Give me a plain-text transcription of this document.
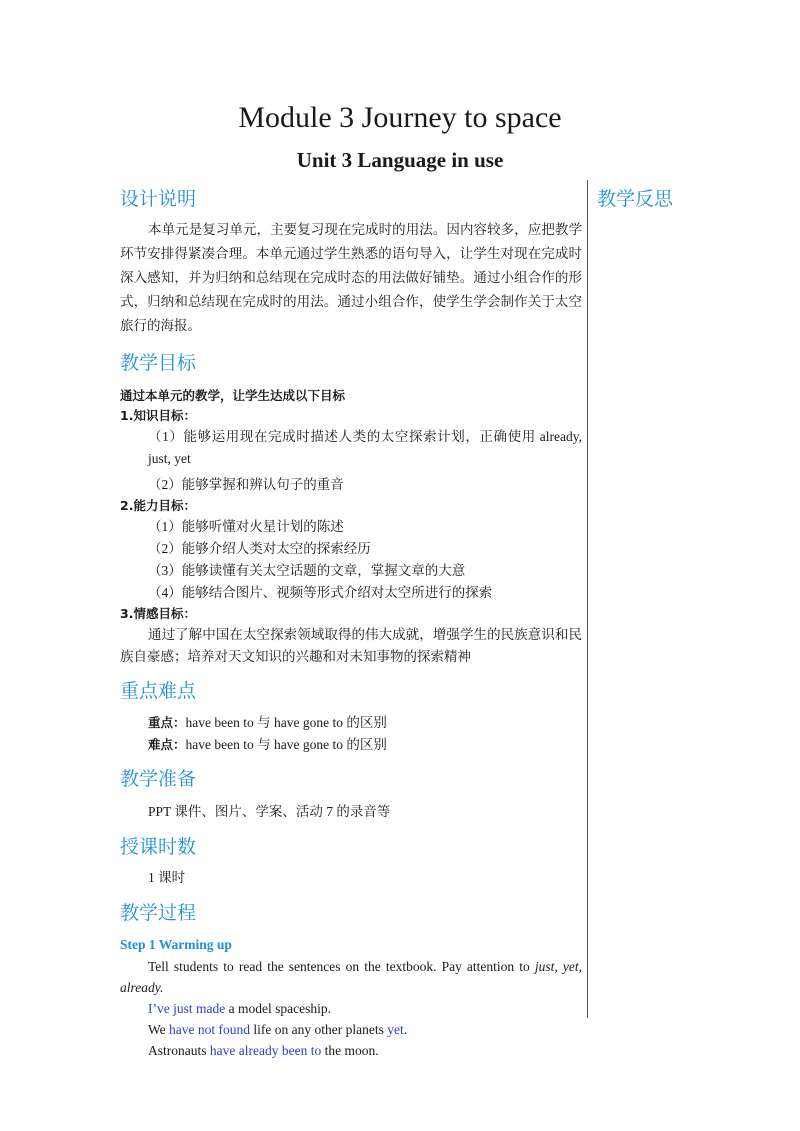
Module 3 Journey to space
Unit 3 Language in use

教学反思

设计说明

本单元是复习单元，主要复习现在完成时的用法。因内容较多，应把教学环节安排得紧凑合理。本单元通过学生熟悉的语句导入，让学生对现在完成时深入感知，并为归纳和总结现在完成时态的用法做好铺垫。通过小组合作的形式，归纳和总结现在完成时的用法。通过小组合作，使学生学会制作关于太空旅行的海报。

教学目标

通过本单元的教学，让学生达成以下目标

1.知识目标：

（1）能够运用现在完成时描述人类的太空探索计划，正确使用 already, just, yet

（2）能够掌握和辨认句子的重音

2.能力目标：

（1）能够听懂对火星计划的陈述

（2）能够介绍人类对太空的探索经历

（3）能够读懂有关太空话题的文章，掌握文章的大意

（4）能够结合图片、视频等形式介绍对太空所进行的探索

3.情感目标：

通过了解中国在太空探索领域取得的伟大成就，增强学生的民族意识和民族自豪感；培养对天文知识的兴趣和对未知事物的探索精神

重点难点

重点：have been to 与 have gone to 的区别

难点：have been to 与 have gone to 的区别

教学准备

PPT 课件、图片、学案、活动 7 的录音等

授课时数

1 课时

教学过程

Step 1 Warming up

Tell students to read the sentences on the textbook. Pay attention to just, yet, already.

I’ve just made a model spaceship.

We have not found life on any other planets yet.

Astronauts have already been to the moon.
